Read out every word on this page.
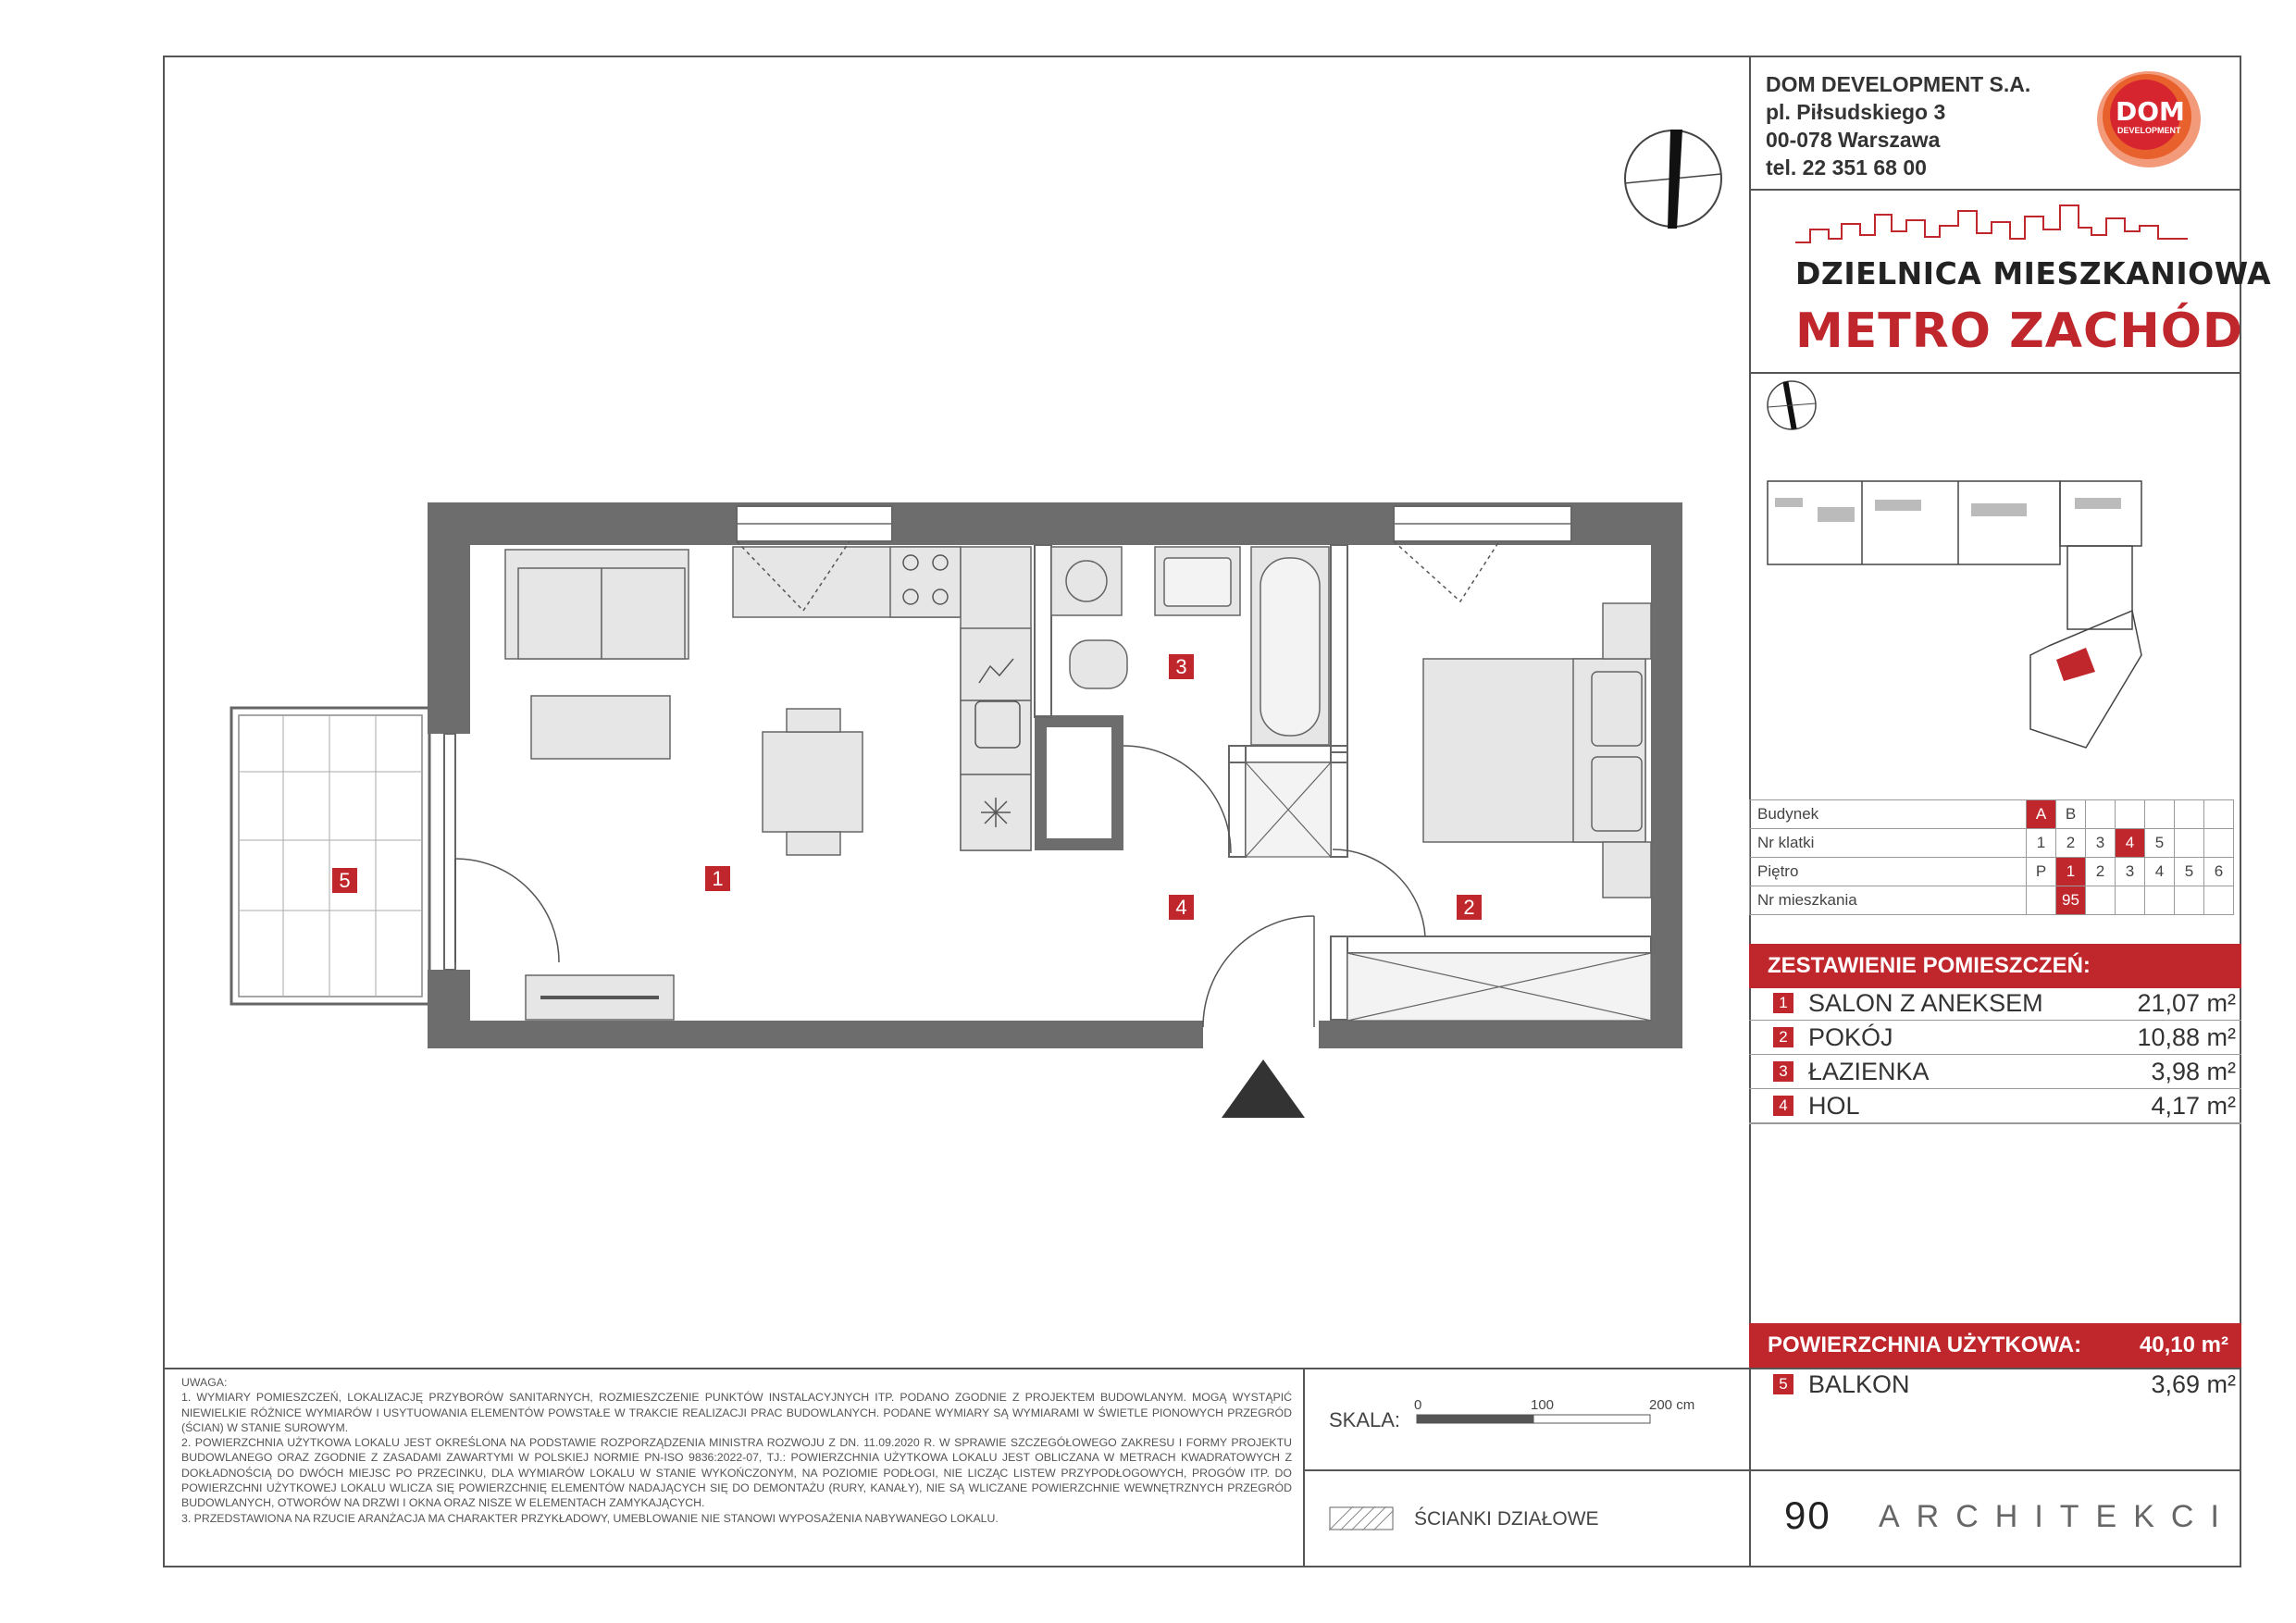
1
2
3
4
5
DOM DEVELOPMENT S.A.
pl. Piłsudskiego 3
00-078 Warszawa
tel. 22 351 68 00
DOM
DEVELOPMENT
DZIELNICA MIESZKANIOWA
METRO ZACHÓD
Budynek	A	B					
Nr klatki	1	2	3	4	5		
Piętro	P	1	2	3	4	5	6
Nr mieszkania		95					
ZESTAWIENIE POMIESZCZEŃ:
1 SALON Z ANEKSEM	21,07 m²
2 POKÓJ	10,88 m²
3 ŁAZIENKA	3,98 m²
4 HOL	4,17 m²
POWIERZCHNIA UŻYTKOWA:	40,10 m²
5 BALKON	3,69 m²
90 ARCHITEKCI
SKALA:
0	100	200 cm
ŚCIANKI DZIAŁOWE
UWAGA:
1. WYMIARY POMIESZCZEŃ, LOKALIZACJĘ PRZYBORÓW SANITARNYCH, ROZMIESZCZENIE PUNKTÓW INSTALACYJNYCH ITP. PODANO ZGODNIE Z PROJEKTEM BUDOWLANYM. MOGĄ WYSTĄPIĆ NIEWIELKIE RÓŻNICE WYMIARÓW I USYTUOWANIA ELEMENTÓW POWSTAŁE W TRAKCIE REALIZACJI PRAC BUDOWLANYCH. PODANE WYMIARY SĄ WYMIARAMI W ŚWIETLE PIONOWYCH PRZEGRÓD (ŚCIAN) W STANIE SUROWYM.
2. POWIERZCHNIA UŻYTKOWA LOKALU JEST OKREŚLONA NA PODSTAWIE ROZPORZĄDZENIA MINISTRA ROZWOJU Z DN. 11.09.2020 R. W SPRAWIE SZCZEGÓŁOWEGO ZAKRESU I FORMY PROJEKTU BUDOWLANEGO ORAZ ZGODNIE Z ZASADAMI ZAWARTYMI W POLSKIEJ NORMIE PN-ISO 9836:2022-07, TJ.: POWIERZCHNIA UŻYTKOWA LOKALU JEST OBLICZANA W METRACH KWADRATOWYCH Z DOKŁADNOŚCIĄ DO DWÓCH MIEJSC PO PRZECINKU, DLA WYMIARÓW LOKALU W STANIE WYKOŃCZONYM, NA POZIOMIE PODŁOGI, NIE LICZĄC LISTEW PRZYPODŁOGOWYCH, PROGÓW ITP. DO POWIERZCHNI UŻYTKOWEJ LOKALU WLICZA SIĘ POWIERZCHNIĘ ELEMENTÓW NADAJĄCYCH SIĘ DO DEMONTAŻU (RURY, KANAŁY), NIE SĄ WLICZANE POWIERZCHNIE WEWNĘTRZNYCH PRZEGRÓD BUDOWLANYCH, OTWORÓW NA DRZWI I OKNA ORAZ NISZE W ELEMENTACH ZAMYKAJĄCYCH.
3. PRZEDSTAWIONA NA RZUCIE ARANŻACJA MA CHARAKTER PRZYKŁADOWY, UMEBLOWANIE NIE STANOWI WYPOSAŻENIA NABYWANEGO LOKALU.
